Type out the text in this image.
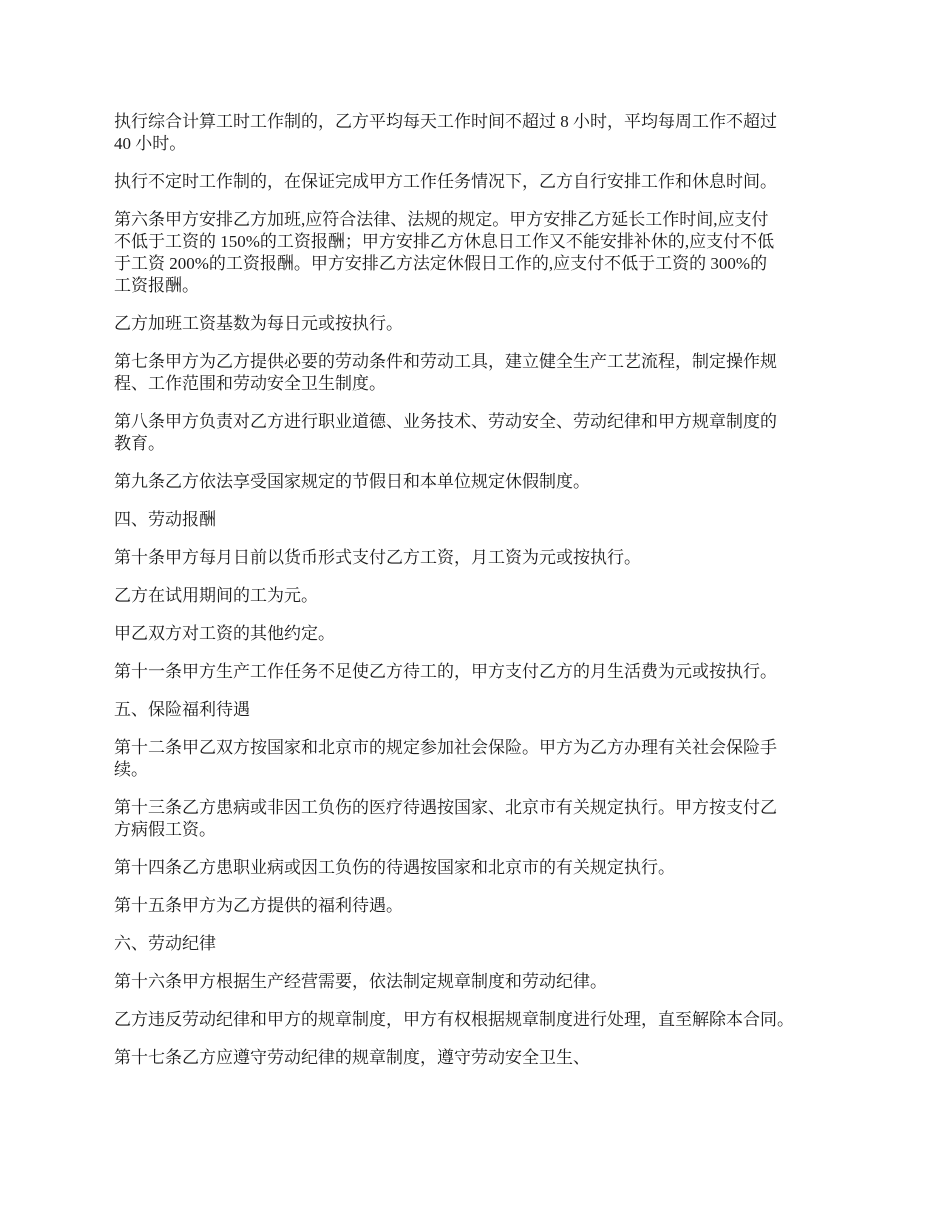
执行综合计算工时工作制的，乙方平均每天工作时间不超过 8 小时，平均每周工作不超过
40 小时。

执行不定时工作制的，在保证完成甲方工作任务情况下，乙方自行安排工作和休息时间。

第六条甲方安排乙方加班,应符合法律、法规的规定。甲方安排乙方延长工作时间,应支付
不低于工资的 150%的工资报酬；甲方安排乙方休息日工作又不能安排补休的,应支付不低
于工资 200%的工资报酬。甲方安排乙方法定休假日工作的,应支付不低于工资的 300%的
工资报酬。

乙方加班工资基数为每日元或按执行。

第七条甲方为乙方提供必要的劳动条件和劳动工具，建立健全生产工艺流程，制定操作规
程、工作范围和劳动安全卫生制度。

第八条甲方负责对乙方进行职业道德、业务技术、劳动安全、劳动纪律和甲方规章制度的
教育。

第九条乙方依法享受国家规定的节假日和本单位规定休假制度。

四、劳动报酬

第十条甲方每月日前以货币形式支付乙方工资，月工资为元或按执行。

乙方在试用期间的工为元。

甲乙双方对工资的其他约定。

第十一条甲方生产工作任务不足使乙方待工的，甲方支付乙方的月生活费为元或按执行。

五、保险福利待遇

第十二条甲乙双方按国家和北京市的规定参加社会保险。甲方为乙方办理有关社会保险手
续。

第十三条乙方患病或非因工负伤的医疗待遇按国家、北京市有关规定执行。甲方按支付乙
方病假工资。

第十四条乙方患职业病或因工负伤的待遇按国家和北京市的有关规定执行。

第十五条甲方为乙方提供的福利待遇。

六、劳动纪律

第十六条甲方根据生产经营需要，依法制定规章制度和劳动纪律。

乙方违反劳动纪律和甲方的规章制度，甲方有权根据规章制度进行处理，直至解除本合同。

第十七条乙方应遵守劳动纪律的规章制度，遵守劳动安全卫生、
